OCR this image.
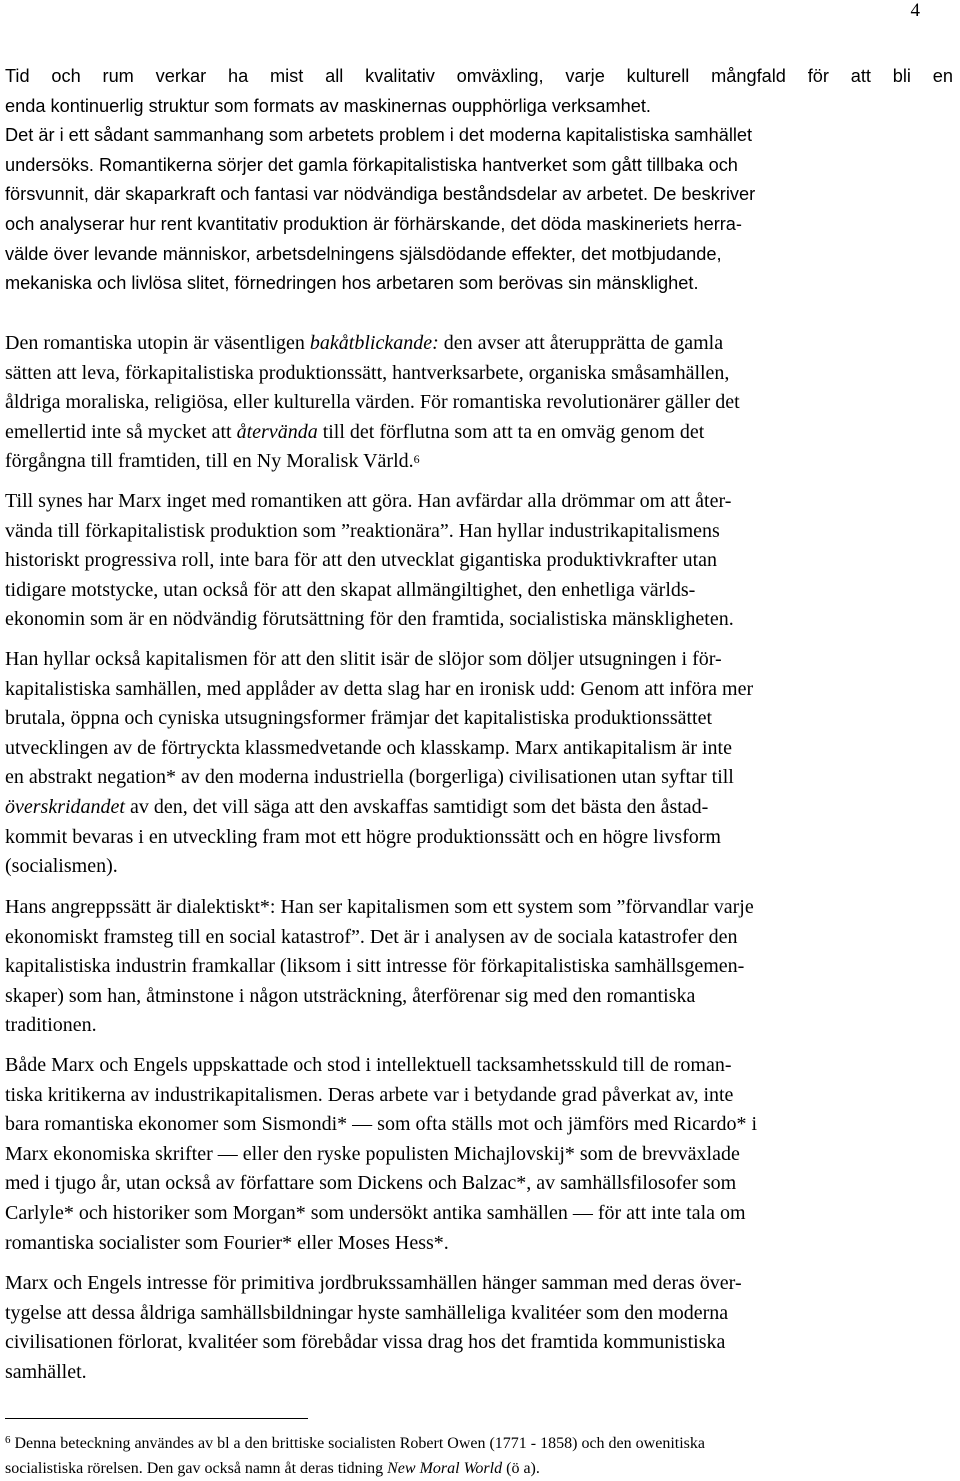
4
Tid och rum verkar ha mist all kvalitativ omväxling, varje kulturell mångfald för att bli en
enda kontinuerlig struktur som formats av maskinernas oupphörliga verksamhet.
Det är i ett sådant sammanhang som arbetets problem i det moderna kapitalistiska samhället
undersöks. Romantikerna sörjer det gamla förkapitalistiska hantverket som gått tillbaka och
försvunnit, där skaparkraft och fantasi var nödvändiga beståndsdelar av arbetet. De beskriver
och analyserar hur rent kvantitativ produktion är förhärskande, det döda maskineriets herra-
välde över levande människor, arbetsdelningens själsdödande effekter, det motbjudande,
mekaniska och livlösa slitet, förnedringen hos arbetaren som berövas sin mänsklighet.
Den romantiska utopin är väsentligen bakåtblickande: den avser att återupprätta de gamla
sätten att leva, förkapitalistiska produktionssätt, hantverksarbete, organiska småsamhällen,
åldriga moraliska, religiösa, eller kulturella värden. För romantiska revolutionärer gäller det
emellertid inte så mycket att återvända till det förflutna som att ta en omväg genom det
förgångna till framtiden, till en Ny Moralisk Värld.$^6$
Till synes har Marx inget med romantiken att göra. Han avfärdar alla drömmar om att åter-
vända till förkapitalistisk produktion som ”reaktionära”. Han hyllar industrikapitalismens
historiskt progressiva roll, inte bara för att den utvecklat gigantiska produktivkrafter utan
tidigare motstycke, utan också för att den skapat allmängiltighet, den enhetliga världs-
ekonomin som är en nödvändig förutsättning för den framtida, socialistiska mänskligheten.
Han hyllar också kapitalismen för att den slitit isär de slöjor som döljer utsugningen i för-
kapitalistiska samhällen, med applåder av detta slag har en ironisk udd: Genom att införa mer
brutala, öppna och cyniska utsugningsformer främjar det kapitalistiska produktionssättet
utvecklingen av de förtryckta klassmedvetande och klasskamp. Marx antikapitalism är inte
en abstrakt negation* av den moderna industriella (borgerliga) civilisationen utan syftar till
överskridandet av den, det vill säga att den avskaffas samtidigt som det bästa den åstad-
kommit bevaras i en utveckling fram mot ett högre produktionssätt och en högre livsform
(socialismen).
Hans angreppssätt är dialektiskt*: Han ser kapitalismen som ett system som ”förvandlar varje
ekonomiskt framsteg till en social katastrof”. Det är i analysen av de sociala katastrofer den
kapitalistiska industrin framkallar (liksom i sitt intresse för förkapitalistiska samhällsgemen-
skaper) som han, åtminstone i någon utsträckning, återförenar sig med den romantiska
traditionen.
Både Marx och Engels uppskattade och stod i intellektuell tacksamhetsskuld till de roman-
tiska kritikerna av industrikapitalismen. Deras arbete var i betydande grad påverkat av, inte
bara romantiska ekonomer som Sismondi* — som ofta ställs mot och jämförs med Ricardo* i
Marx ekonomiska skrifter — eller den ryske populisten Michajlovskij* som de brevväxlade
med i tjugo år, utan också av författare som Dickens och Balzac*, av samhällsfilosofer som
Carlyle* och historiker som Morgan* som undersökt antika samhällen — för att inte tala om
romantiska socialister som Fourier* eller Moses Hess*.
Marx och Engels intresse för primitiva jordbrukssamhällen hänger samman med deras över-
tygelse att dessa åldriga samhällsbildningar hyste samhälleliga kvalitéer som den moderna
civilisationen förlorat, kvalitéer som förebådar vissa drag hos det framtida kommunistiska
samhället.
$^6$ Denna beteckning användes av bl a den brittiske socialisten Robert Owen (1771 - 1858) och den owenitiska
socialistiska rörelsen. Den gav också namn åt deras tidning New Moral World (ö a).
